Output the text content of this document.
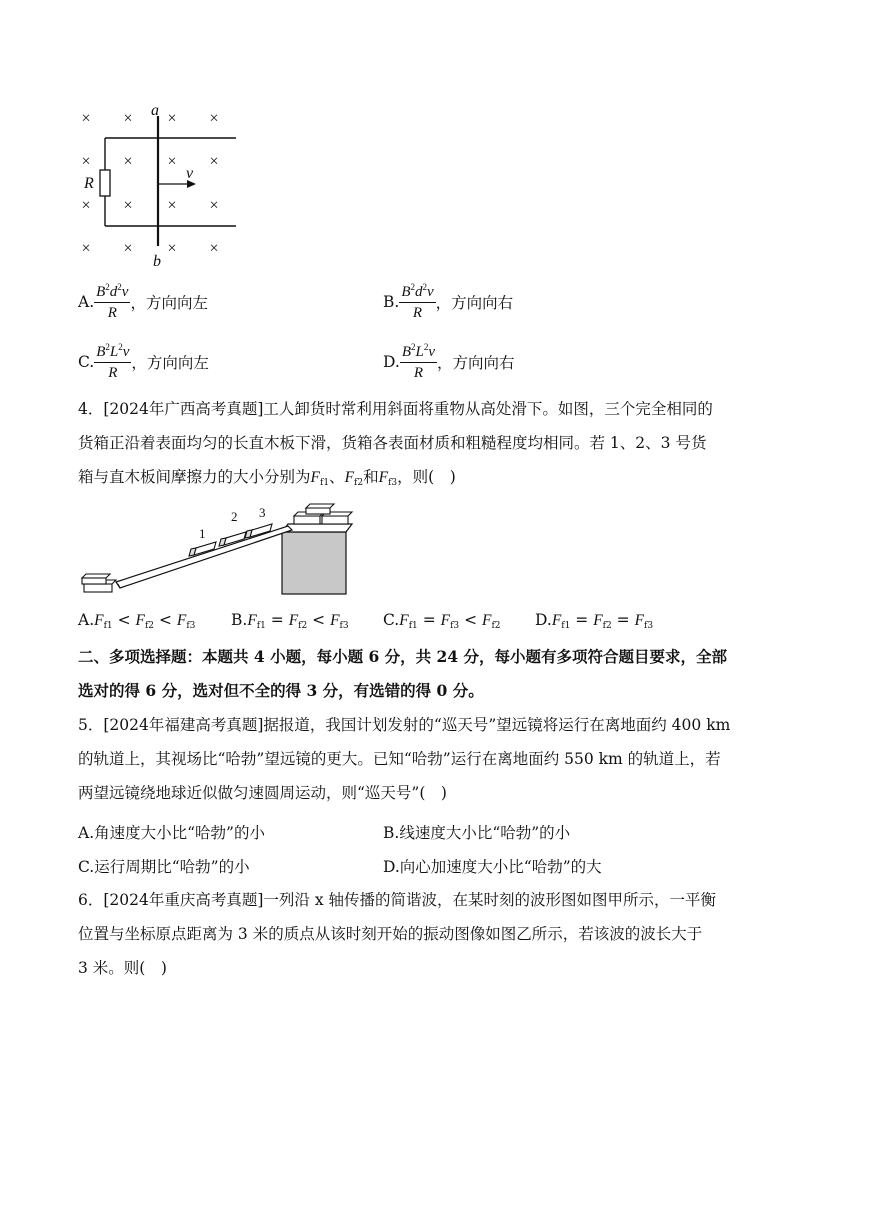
× × × ×
× × × ×
× × × ×
× × × ×
R
a
b
v
A. $\frac{B^2d^2v}{R}$ ，方向向左	B. $\frac{B^2d^2v}{R}$ ，方向向右
C. $\frac{B^2L^2v}{R}$ ，方向向左	D. $\frac{B^2L^2v}{R}$ ，方向向右
4．[2024年广西高考真题]工人卸货时常利用斜面将重物从高处滑下。如图，三个完全相同的
货箱正沿着表面均匀的长直木板下滑，货箱各表面材质和粗糙程度均相同。若 1、2、3 号货
箱与直木板间摩擦力的大小分别为$F_{f1}$、$F_{f2}$和$F_{f3}$，则(　)
1
2 3
$A.F_{f1} < F_{f2} < F_{f3}$ $B.F_{f1} = F_{f2} < F_{f3}$ $C.F_{f1} = F_{f3} < F_{f2}$ $D.F_{f1} = F_{f2} = F_{f3}$
二、多项选择题：本题共 4 小题，每小题 6 分，共 24 分，每小题有多项符合题目要求，全部
选对的得 6 分，选对但不全的得 3 分，有选错的得 0 分。
5．[2024年福建高考真题]据报道，我国计划发射的“巡天号”望远镜将运行在离地面约 400 km
的轨道上，其视场比“哈勃”望远镜的更大。已知“哈勃”运行在离地面约 550 km 的轨道上，若
两望远镜绕地球近似做匀速圆周运动，则“巡天号”(　)
A.角速度大小比“哈勃”的小	B.线速度大小比“哈勃”的小
C.运行周期比“哈勃”的小	D.向心加速度大小比“哈勃”的大
6．[2024年重庆高考真题]一列沿 x 轴传播的简谐波，在某时刻的波形图如图甲所示，一平衡
位置与坐标原点距离为 3 米的质点从该时刻开始的振动图像如图乙所示，若该波的波长大于
3 米。则(　)
